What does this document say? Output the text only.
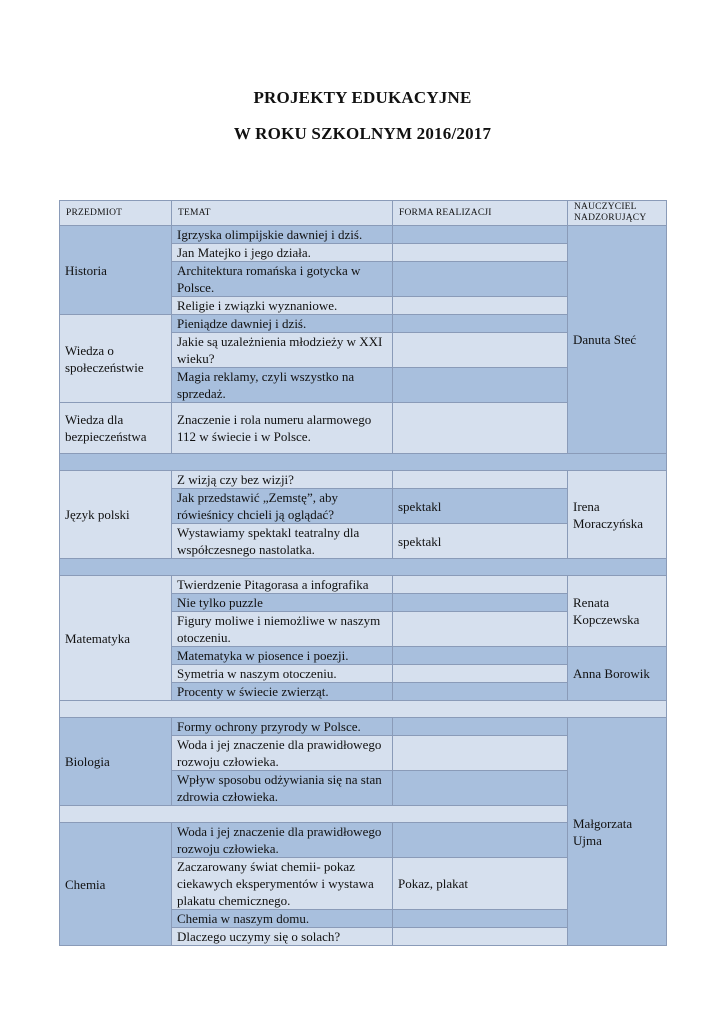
PROJEKTY EDUKACYJNE
W ROKU SZKOLNYM 2016/2017
PRZEDMIOT	TEMAT	FORMA REALIZACJI	NAUCZYCIEL NADZORUJĄCY
Historia	Igrzyska olimpijskie dawniej i dziś.		Danuta Steć
	Jan Matejko i jego działa.		
	Architektura romańska i gotycka w Polsce.		
	Religie i związki wyznaniowe.		
Wiedza o społeczeństwie	Pieniądze dawniej i dziś.		
	Jakie są uzależnienia młodzieży w XXI wieku?		
	Magia reklamy, czyli wszystko na sprzedaż.		
Wiedza dla bezpieczeństwa	Znaczenie i rola numeru alarmowego 112 w świecie i w Polsce.		

Język polski	Z wizją czy bez wizji?		Irena Moraczyńska
	Jak przedstawić „Zemstę”, aby rówieśnicy chcieli ją oglądać?	spektakl	
	Wystawiamy spektakl teatralny dla współczesnego nastolatka.	spektakl	

Matematyka	Twierdzenie Pitagorasa a infografika		Renata Kopczewska
	Nie tylko puzzle		
	Figury moliwe i niemożliwe w naszym otoczeniu.		
	Matematyka w piosence i poezji.		Anna Borowik
	Symetria w naszym otoczeniu.		
	Procenty w świecie zwierząt.		

Biologia	Formy ochrony przyrody w Polsce.		Małgorzata Ujma
	Woda i jej znaczenie dla prawidłowego rozwoju człowieka.		
	Wpływ sposobu odżywiania się na stan zdrowia człowieka.		

Chemia	Woda i jej znaczenie dla prawidłowego rozwoju człowieka.		
	Zaczarowany świat chemii- pokaz ciekawych eksperymentów i wystawa plakatu chemicznego.	Pokaz, plakat	
	Chemia w naszym domu.		
	Dlaczego uczymy się o solach?		
